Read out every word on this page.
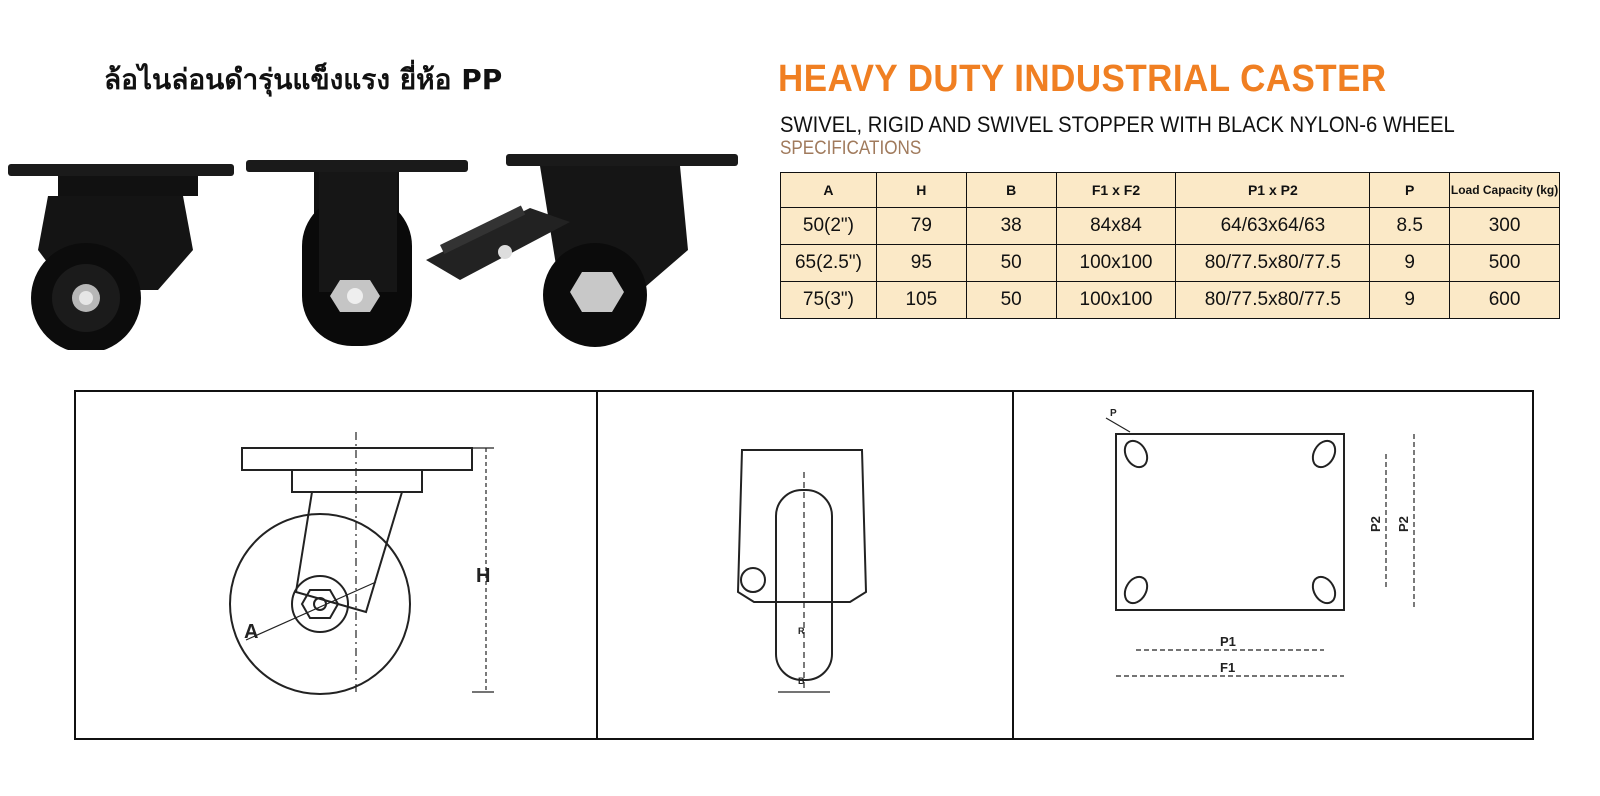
ล้อไนล่อนดำรุ่นแข็งแรง ยี่ห้อ PP	HEAVY DUTY INDUSTRIAL CASTER
SWIVEL, RIGID AND SWIVEL STOPPER WITH BLACK NYLON-6 WHEEL
SPECIFICATIONS
A	H	B	F1 x F2	P1 x P2	P	Load Capacity (kg)
50(2")	79	38	84x84	64/63x64/63	8.5	300
65(2.5")	95	50	100x100	80/77.5x80/77.5	9	500
75(3")	105	50	100x100	80/77.5x80/77.5	9	600
H
A	R
B
P1
F1
P2 P2
P
